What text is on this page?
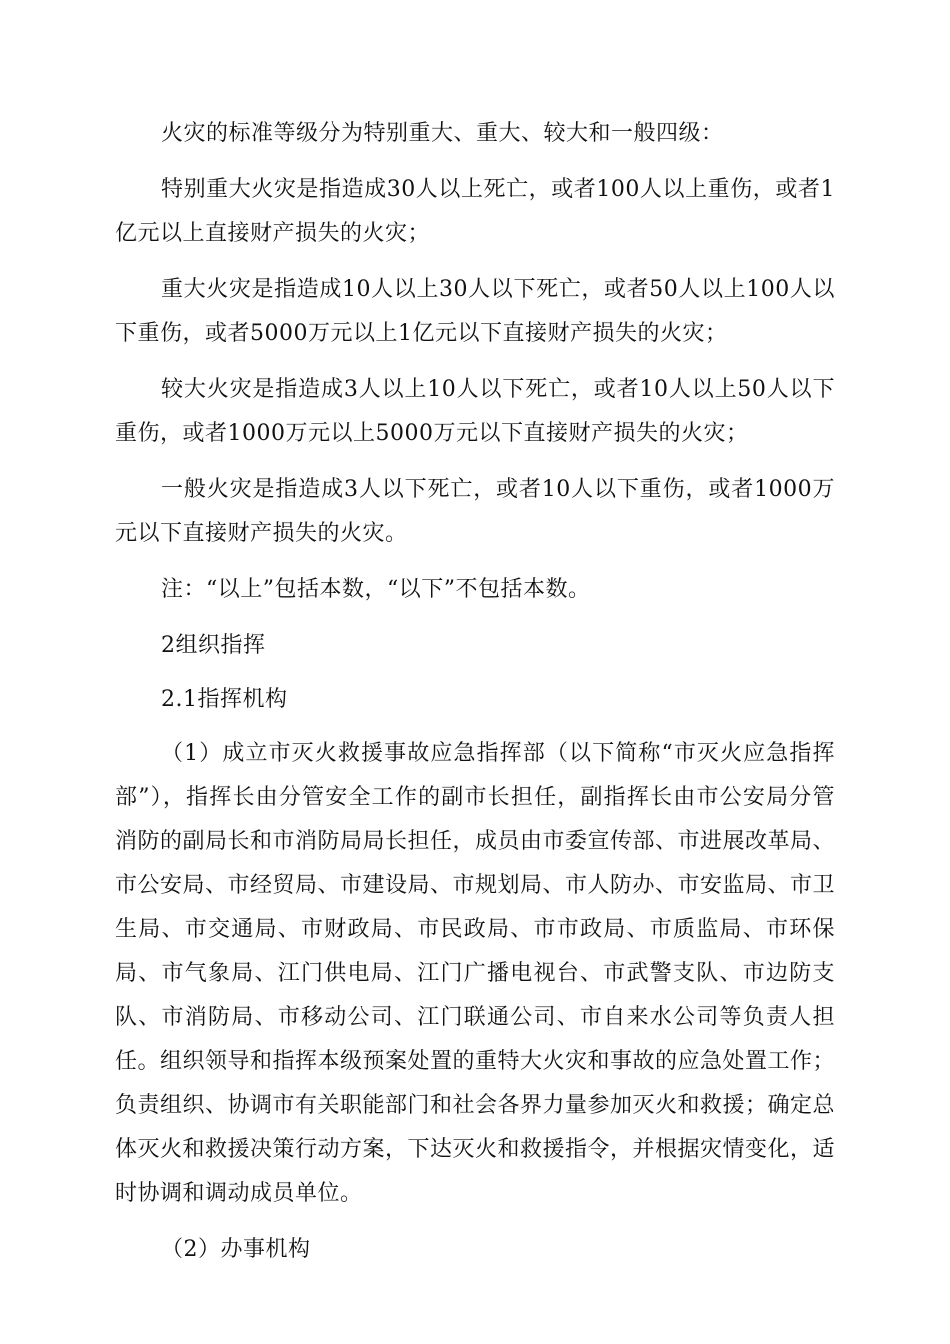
火灾的标准等级分为特别重大、重大、较大和一般四级：

特别重大火灾是指造成30人以上死亡，或者100人以上重伤，或者1亿元以上直接财产损失的火灾；

重大火灾是指造成10人以上30人以下死亡，或者50人以上100人以下重伤，或者5000万元以上1亿元以下直接财产损失的火灾；

较大火灾是指造成3人以上10人以下死亡，或者10人以上50人以下重伤，或者1000万元以上5000万元以下直接财产损失的火灾；

一般火灾是指造成3人以下死亡，或者10人以下重伤，或者1000万元以下直接财产损失的火灾。

注：“以上”包括本数，“以下”不包括本数。

2组织指挥

2.1指挥机构

（1）成立市灭火救援事故应急指挥部（以下简称“市灭火应急指挥部”），指挥长由分管安全工作的副市长担任，副指挥长由市公安局分管消防的副局长和市消防局局长担任，成员由市委宣传部、市进展改革局、市公安局、市经贸局、市建设局、市规划局、市人防办、市安监局、市卫生局、市交通局、市财政局、市民政局、市市政局、市质监局、市环保局、市气象局、江门供电局、江门广播电视台、市武警支队、市边防支队、市消防局、市移动公司、江门联通公司、市自来水公司等负责人担任。组织领导和指挥本级预案处置的重特大火灾和事故的应急处置工作；负责组织、协调市有关职能部门和社会各界力量参加灭火和救援；确定总体灭火和救援决策行动方案，下达灭火和救援指令，并根据灾情变化，适时协调和调动成员单位。

（2）办事机构
